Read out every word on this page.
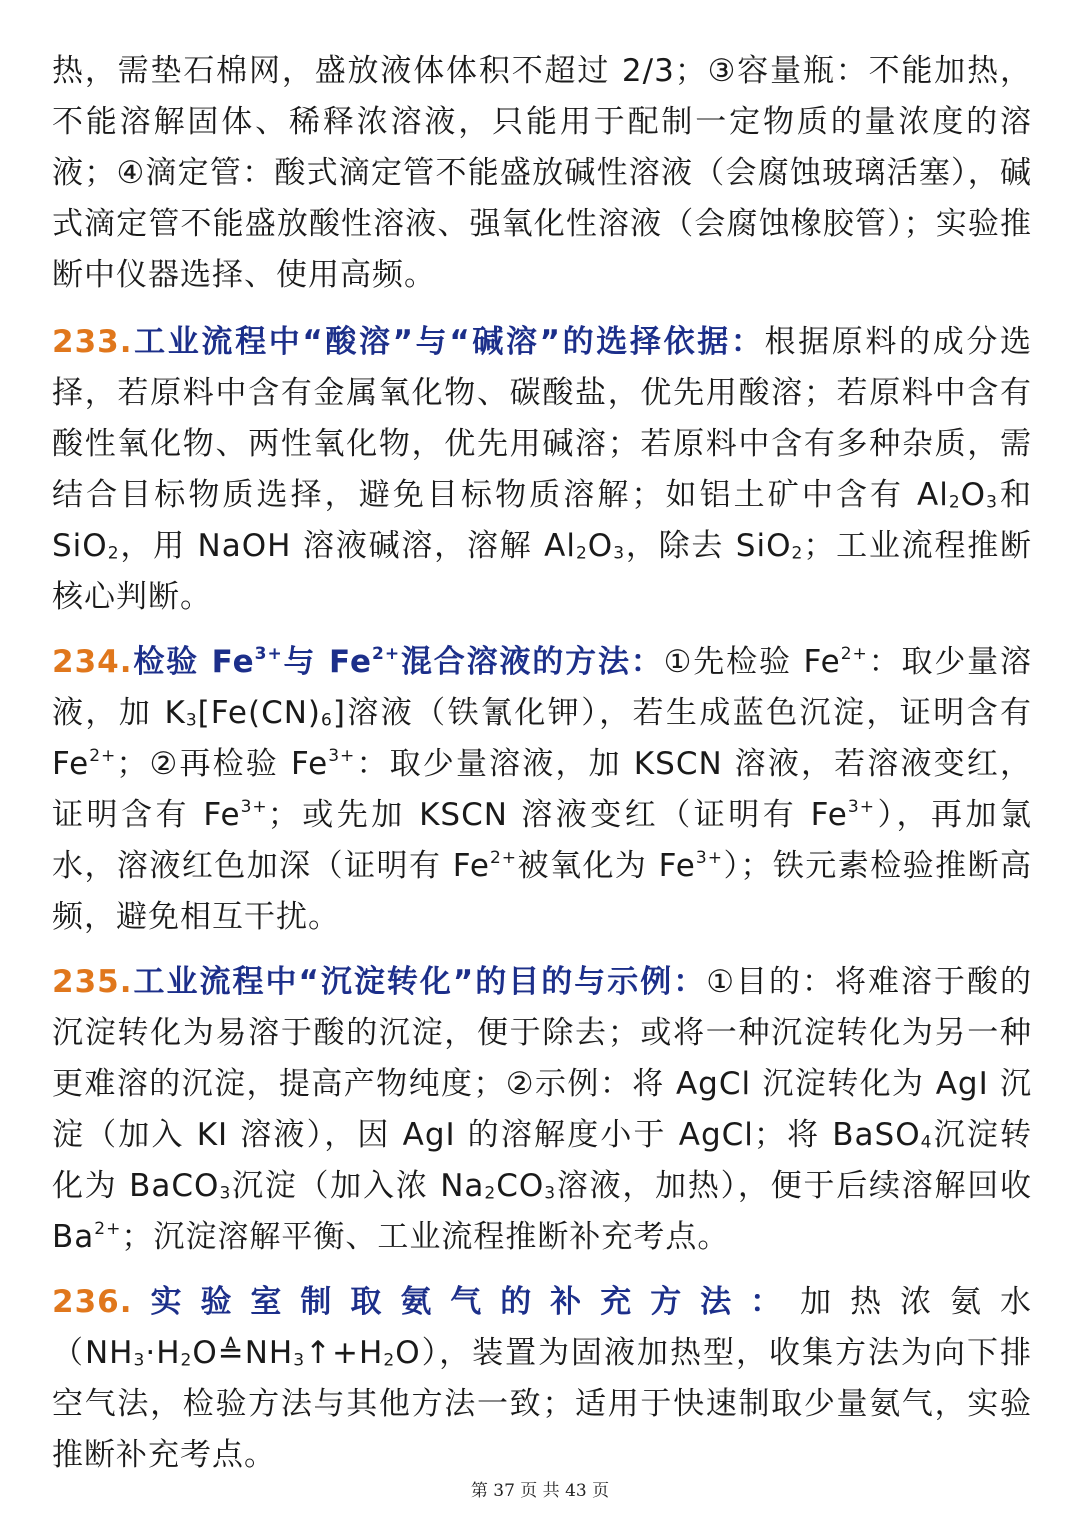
热，需垫石棉网，盛放液体体积不超过 2/3；③容量瓶：不能加热，不能溶解固体、稀释浓溶液，只能用于配制一定物质的量浓度的溶液；④滴定管：酸式滴定管不能盛放碱性溶液（会腐蚀玻璃活塞），碱式滴定管不能盛放酸性溶液、强氧化性溶液（会腐蚀橡胶管）；实验推断中仪器选择、使用高频。

233.工业流程中“酸溶”与“碱溶”的选择依据：根据原料的成分选择，若原料中含有金属氧化物、碳酸盐，优先用酸溶；若原料中含有酸性氧化物、两性氧化物，优先用碱溶；若原料中含有多种杂质，需结合目标物质选择，避免目标物质溶解；如铝土矿中含有 $Al_2O_3$和 SiO$_2$，用 NaOH 溶液碱溶，溶解 $Al_2O_3$，除去 SiO$_2$；工业流程推断核心判断。

234.检验 $Fe^{3+}$与 $Fe^{2+}$混合溶液的方法：①先检验 $Fe^{2+}$：取少量溶液，加 $K_3[Fe(CN)_6]$溶液（铁氰化钾），若生成蓝色沉淀，证明含有 $Fe^{2+}$；②再检验 $Fe^{3+}$：取少量溶液，加 KSCN 溶液，若溶液变红，证明含有 $Fe^{3+}$；或先加 KSCN 溶液变红（证明有 $Fe^{3+}$），再加氯水，溶液红色加深（证明有 $Fe^{2+}$被氧化为 $Fe^{3+}$）；铁元素检验推断高频，避免相互干扰。

235.工业流程中“沉淀转化”的目的与示例：①目的：将难溶于酸的沉淀转化为易溶于酸的沉淀，便于除去；或将一种沉淀转化为另一种更难溶的沉淀，提高产物纯度；②示例：将 AgCl 沉淀转化为 AgI 沉淀（加入 KI 溶液），因 AgI 的溶解度小于 AgCl；将 BaSO$_4$沉淀转化为 BaCO$_3$沉淀（加入浓 $Na_2CO_3$溶液，加热），便于后续溶解回收 $Ba^{2+}$；沉淀溶解平衡、工业流程推断补充考点。

236.实验室制取氨气的补充方法：加热浓氨水$(NH_3\cdot H_2O≜NH_3↑+H_2O)$，装置为固液加热型，收集方法为向下排空气法，检验方法与其他方法一致；适用于快速制取少量氨气，实验推断补充考点。

第 37 页 共 43 页
